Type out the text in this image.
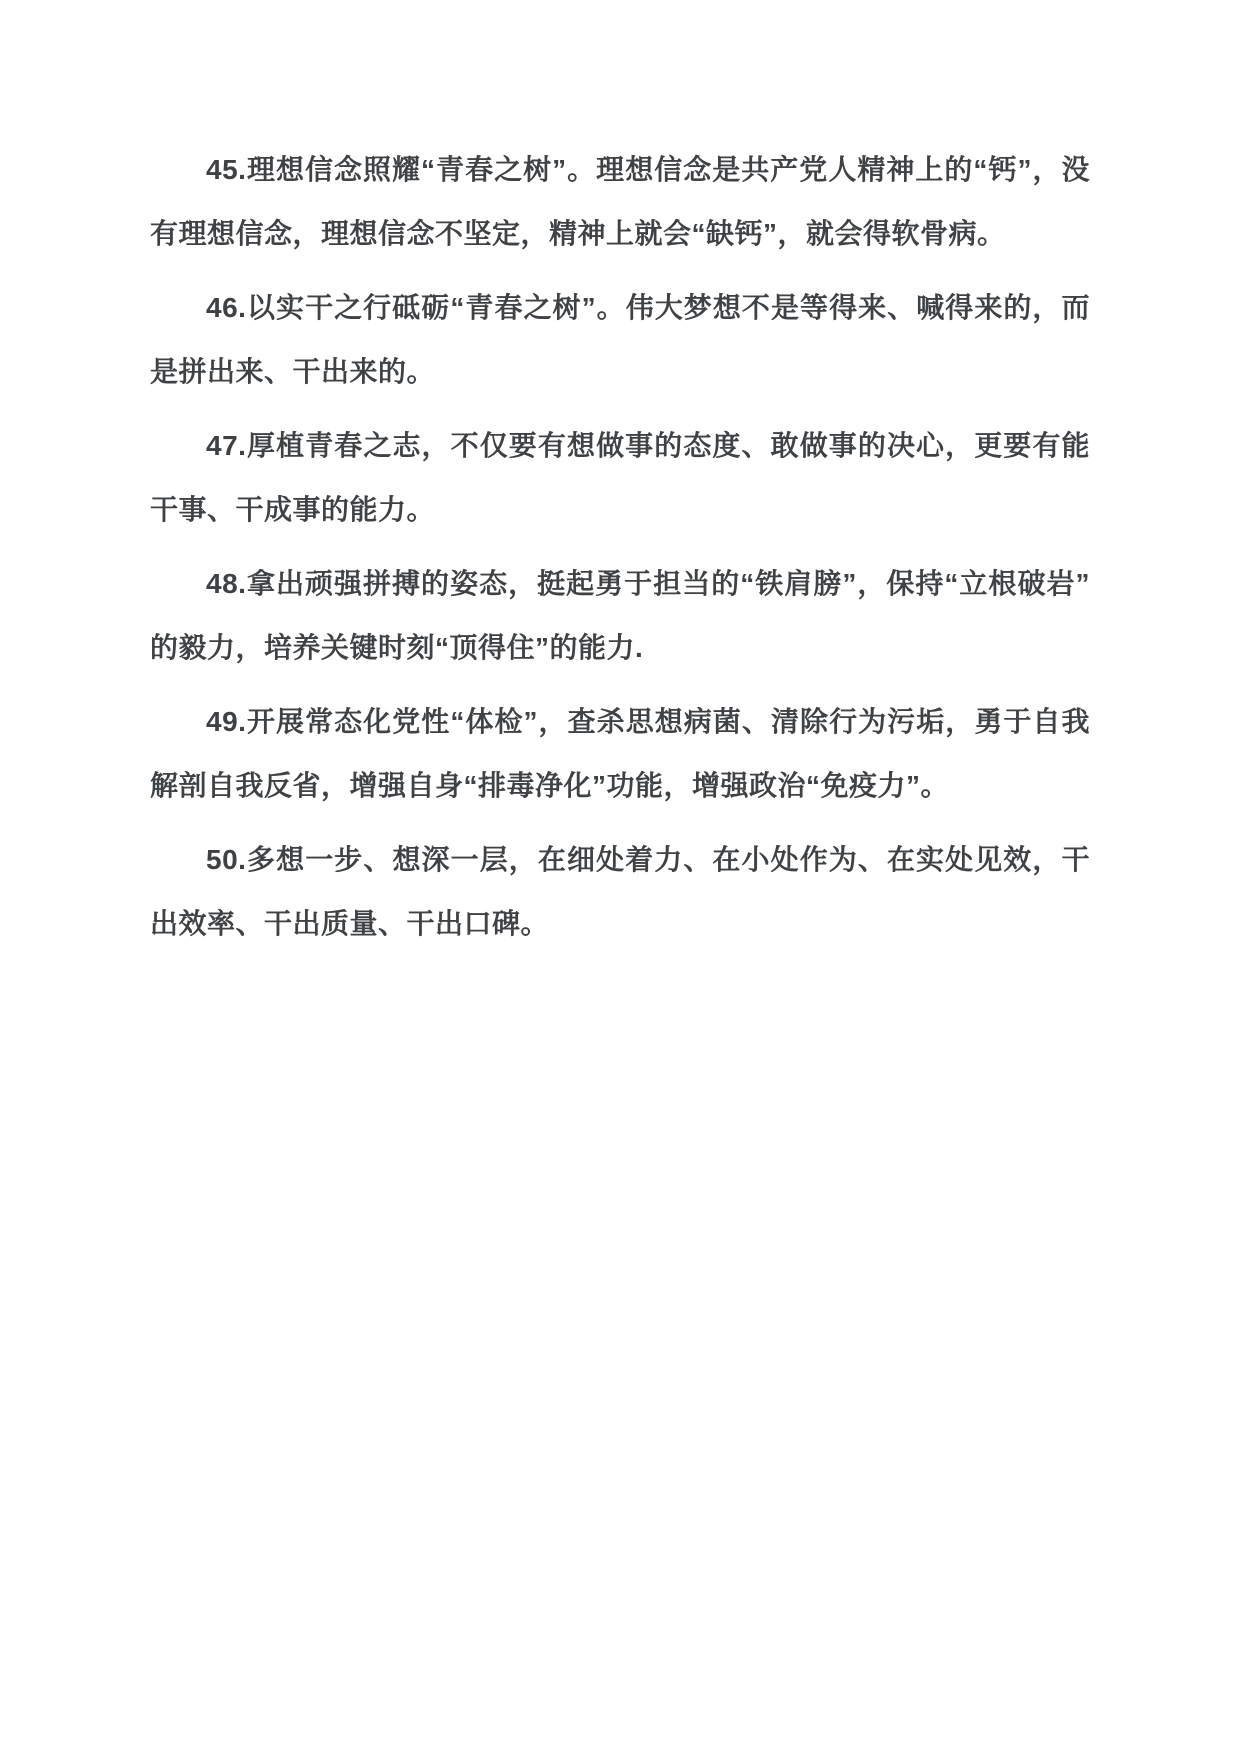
45.理想信念照耀“青春之树”。理想信念是共产党人精神上的“钙”，没有理想信念，理想信念不坚定，精神上就会“缺钙”，就会得软骨病。

46.以实干之行砥砺“青春之树”。伟大梦想不是等得来、喊得来的，而是拼出来、干出来的。

47.厚植青春之志，不仅要有想做事的态度、敢做事的决心，更要有能干事、干成事的能力。

48.拿出顽强拼搏的姿态，挺起勇于担当的“铁肩膀”，保持“立根破岩”的毅力，培养关键时刻“顶得住”的能力.

49.开展常态化党性“体检”，查杀思想病菌、清除行为污垢，勇于自我解剖自我反省，增强自身“排毒净化”功能，增强政治“免疫力”。

50.多想一步、想深一层，在细处着力、在小处作为、在实处见效，干出效率、干出质量、干出口碑。
